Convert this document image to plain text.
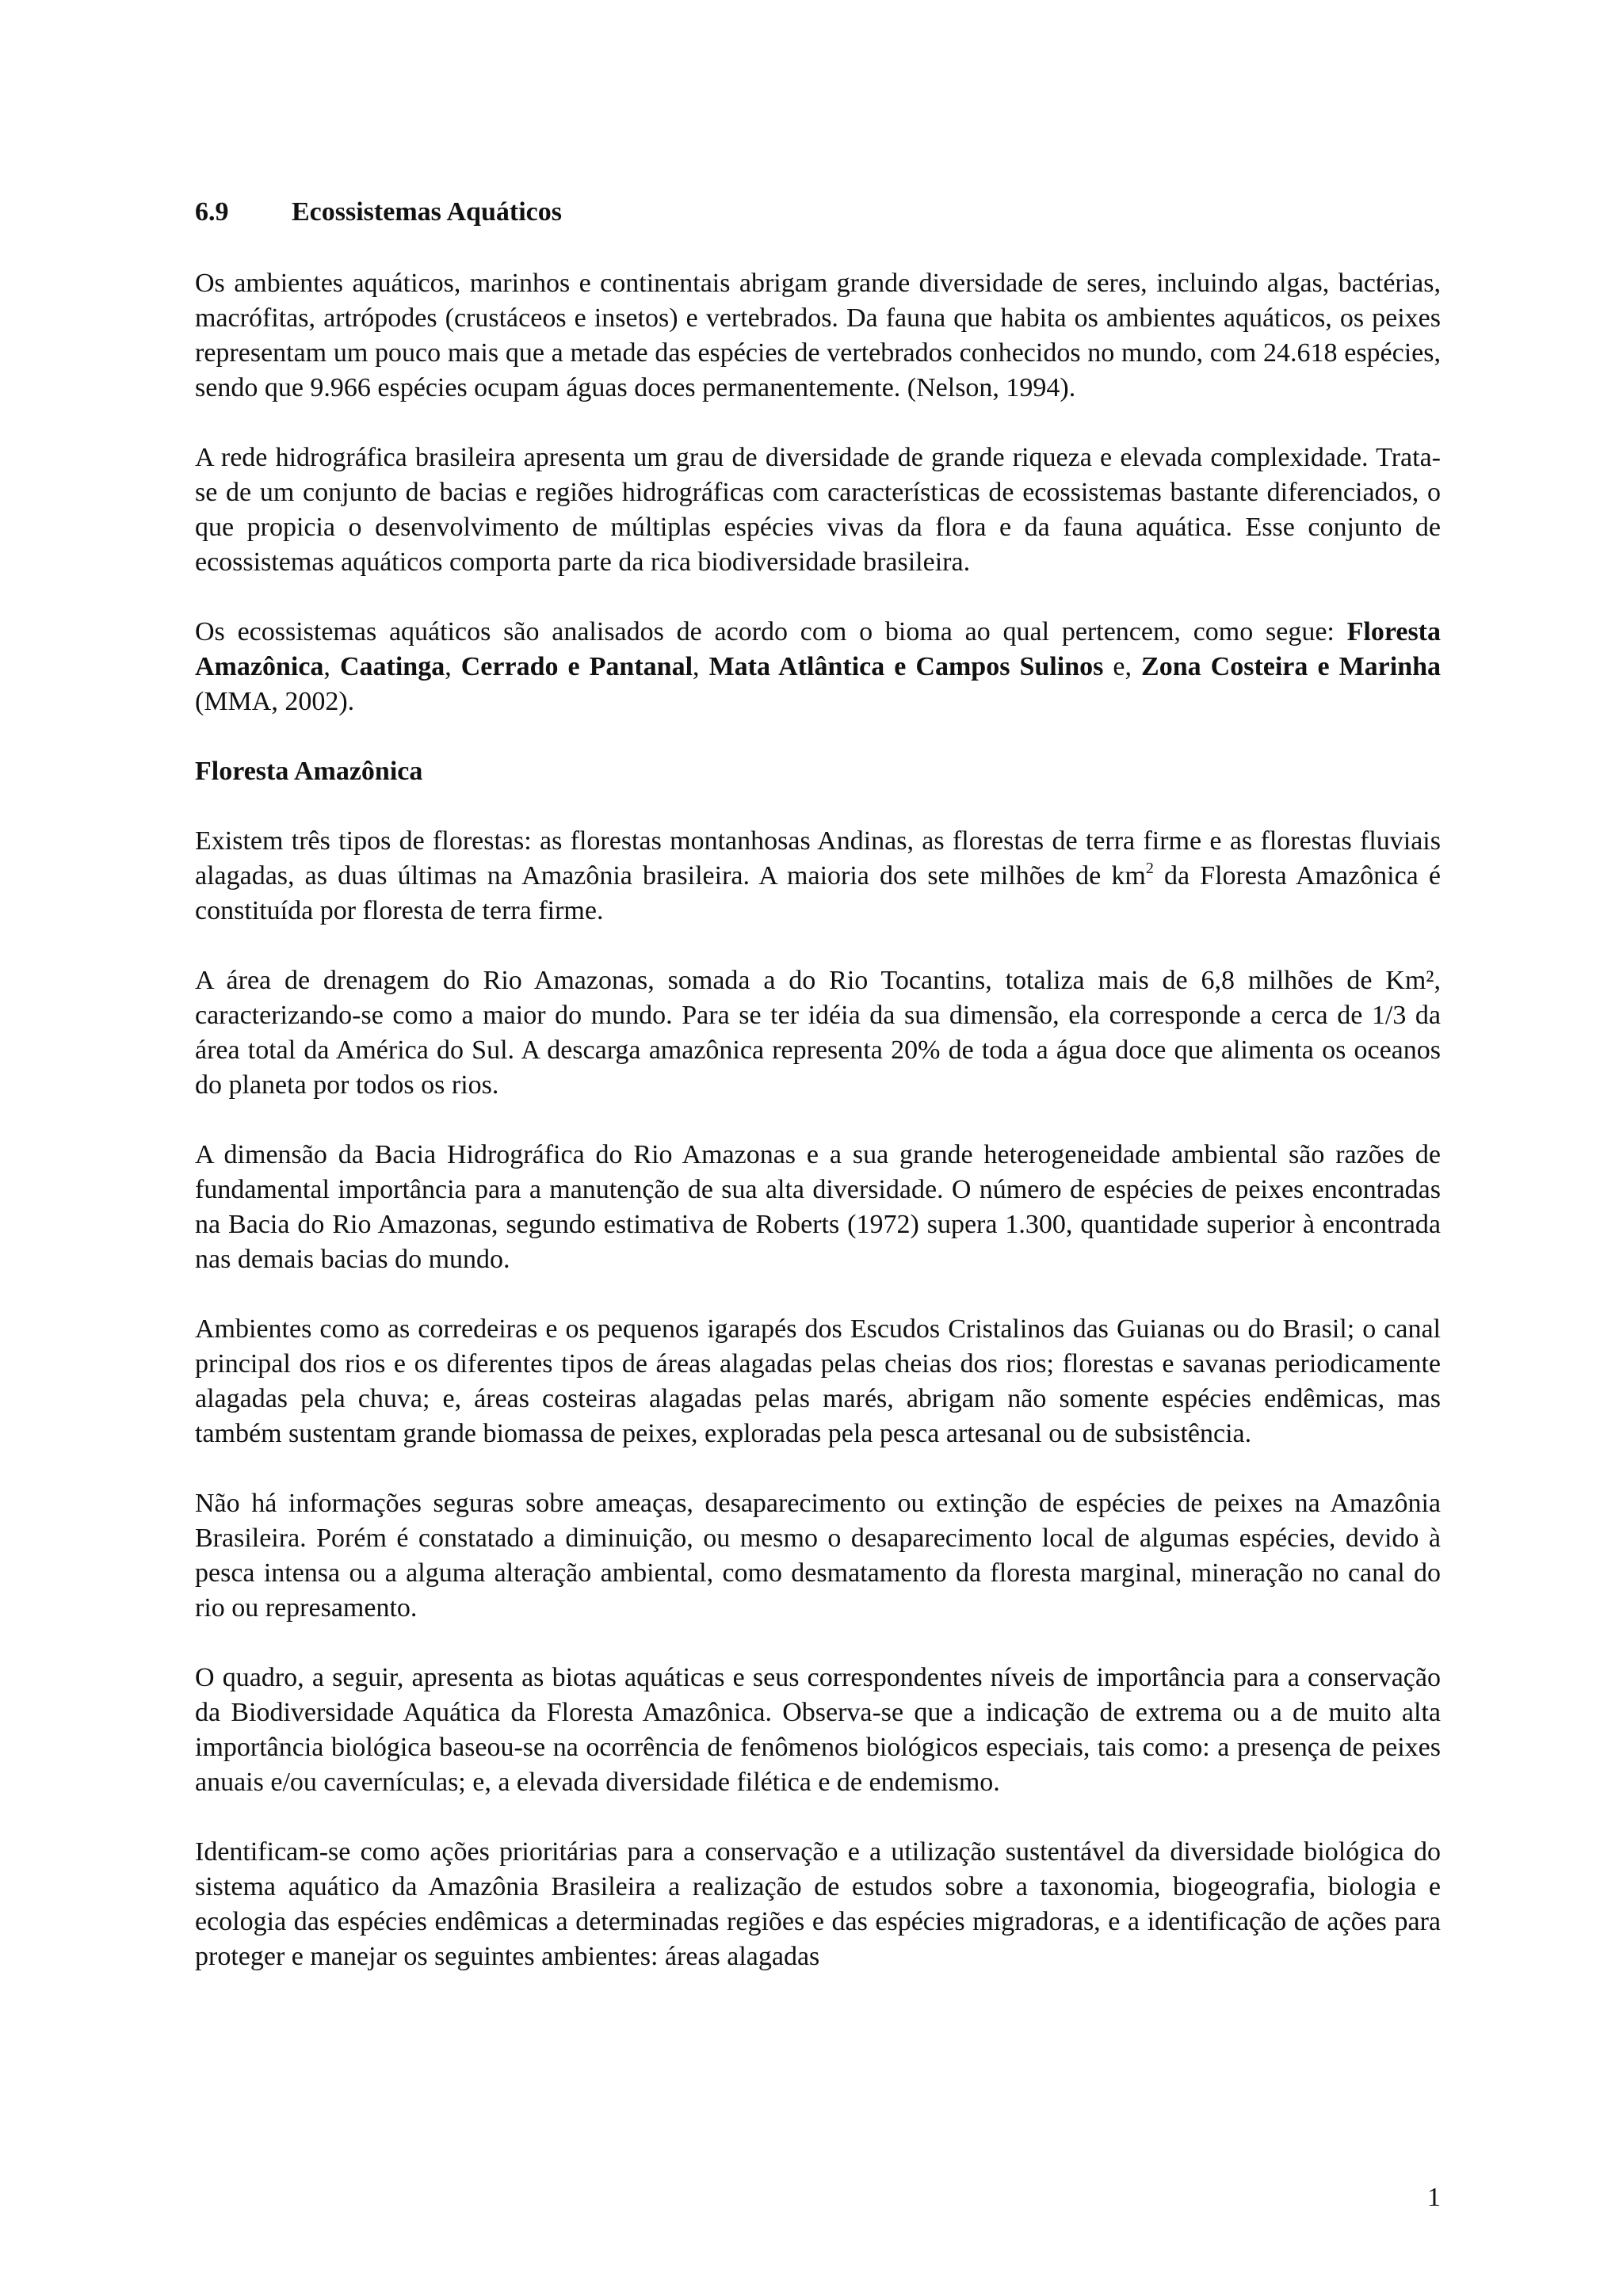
6.9 Ecossistemas Aquáticos

Os ambientes aquáticos, marinhos e continentais abrigam grande diversidade de seres, incluindo algas, bactérias, macrófitas, artrópodes (crustáceos e insetos) e vertebrados. Da fauna que habita os ambientes aquáticos, os peixes representam um pouco mais que a metade das espécies de vertebrados conhecidos no mundo, com 24.618 espécies, sendo que 9.966 espécies ocupam águas doces permanentemente. (Nelson, 1994).

A rede hidrográfica brasileira apresenta um grau de diversidade de grande riqueza e elevada complexidade. Trata-se de um conjunto de bacias e regiões hidrográficas com características de ecossistemas bastante diferenciados, o que propicia o desenvolvimento de múltiplas espécies vivas da flora e da fauna aquática. Esse conjunto de ecossistemas aquáticos comporta parte da rica biodiversidade brasileira.

Os ecossistemas aquáticos são analisados de acordo com o bioma ao qual pertencem, como segue: Floresta Amazônica, Caatinga, Cerrado e Pantanal, Mata Atlântica e Campos Sulinos e, Zona Costeira e Marinha (MMA, 2002).

Floresta Amazônica

Existem três tipos de florestas: as florestas montanhosas Andinas, as florestas de terra firme e as florestas fluviais alagadas, as duas últimas na Amazônia brasileira. A maioria dos sete milhões de $km^2$ da Floresta Amazônica é constituída por floresta de terra firme.

A área de drenagem do Rio Amazonas, somada a do Rio Tocantins, totaliza mais de 6,8 milhões de Km², caracterizando-se como a maior do mundo. Para se ter idéia da sua dimensão, ela corresponde a cerca de 1/3 da área total da América do Sul. A descarga amazônica representa 20% de toda a água doce que alimenta os oceanos do planeta por todos os rios.

A dimensão da Bacia Hidrográfica do Rio Amazonas e a sua grande heterogeneidade ambiental são razões de fundamental importância para a manutenção de sua alta diversidade. O número de espécies de peixes encontradas na Bacia do Rio Amazonas, segundo estimativa de Roberts (1972) supera 1.300, quantidade superior à encontrada nas demais bacias do mundo.

Ambientes como as corredeiras e os pequenos igarapés dos Escudos Cristalinos das Guianas ou do Brasil; o canal principal dos rios e os diferentes tipos de áreas alagadas pelas cheias dos rios; florestas e savanas periodicamente alagadas pela chuva; e, áreas costeiras alagadas pelas marés, abrigam não somente espécies endêmicas, mas também sustentam grande biomassa de peixes, exploradas pela pesca artesanal ou de subsistência.

Não há informações seguras sobre ameaças, desaparecimento ou extinção de espécies de peixes na Amazônia Brasileira. Porém é constatado a diminuição, ou mesmo o desaparecimento local de algumas espécies, devido à pesca intensa ou a alguma alteração ambiental, como desmatamento da floresta marginal, mineração no canal do rio ou represamento.

O quadro, a seguir, apresenta as biotas aquáticas e seus correspondentes níveis de importância para a conservação da Biodiversidade Aquática da Floresta Amazônica. Observa-se que a indicação de extrema ou a de muito alta importância biológica baseou-se na ocorrência de fenômenos biológicos especiais, tais como: a presença de peixes anuais e/ou cavernículas; e, a elevada diversidade filética e de endemismo.

Identificam-se como ações prioritárias para a conservação e a utilização sustentável da diversidade biológica do sistema aquático da Amazônia Brasileira a realização de estudos sobre a taxonomia, biogeografia, biologia e ecologia das espécies endêmicas a determinadas regiões e das espécies migradoras, e a identificação de ações para proteger e manejar os seguintes ambientes: áreas alagadas

1
